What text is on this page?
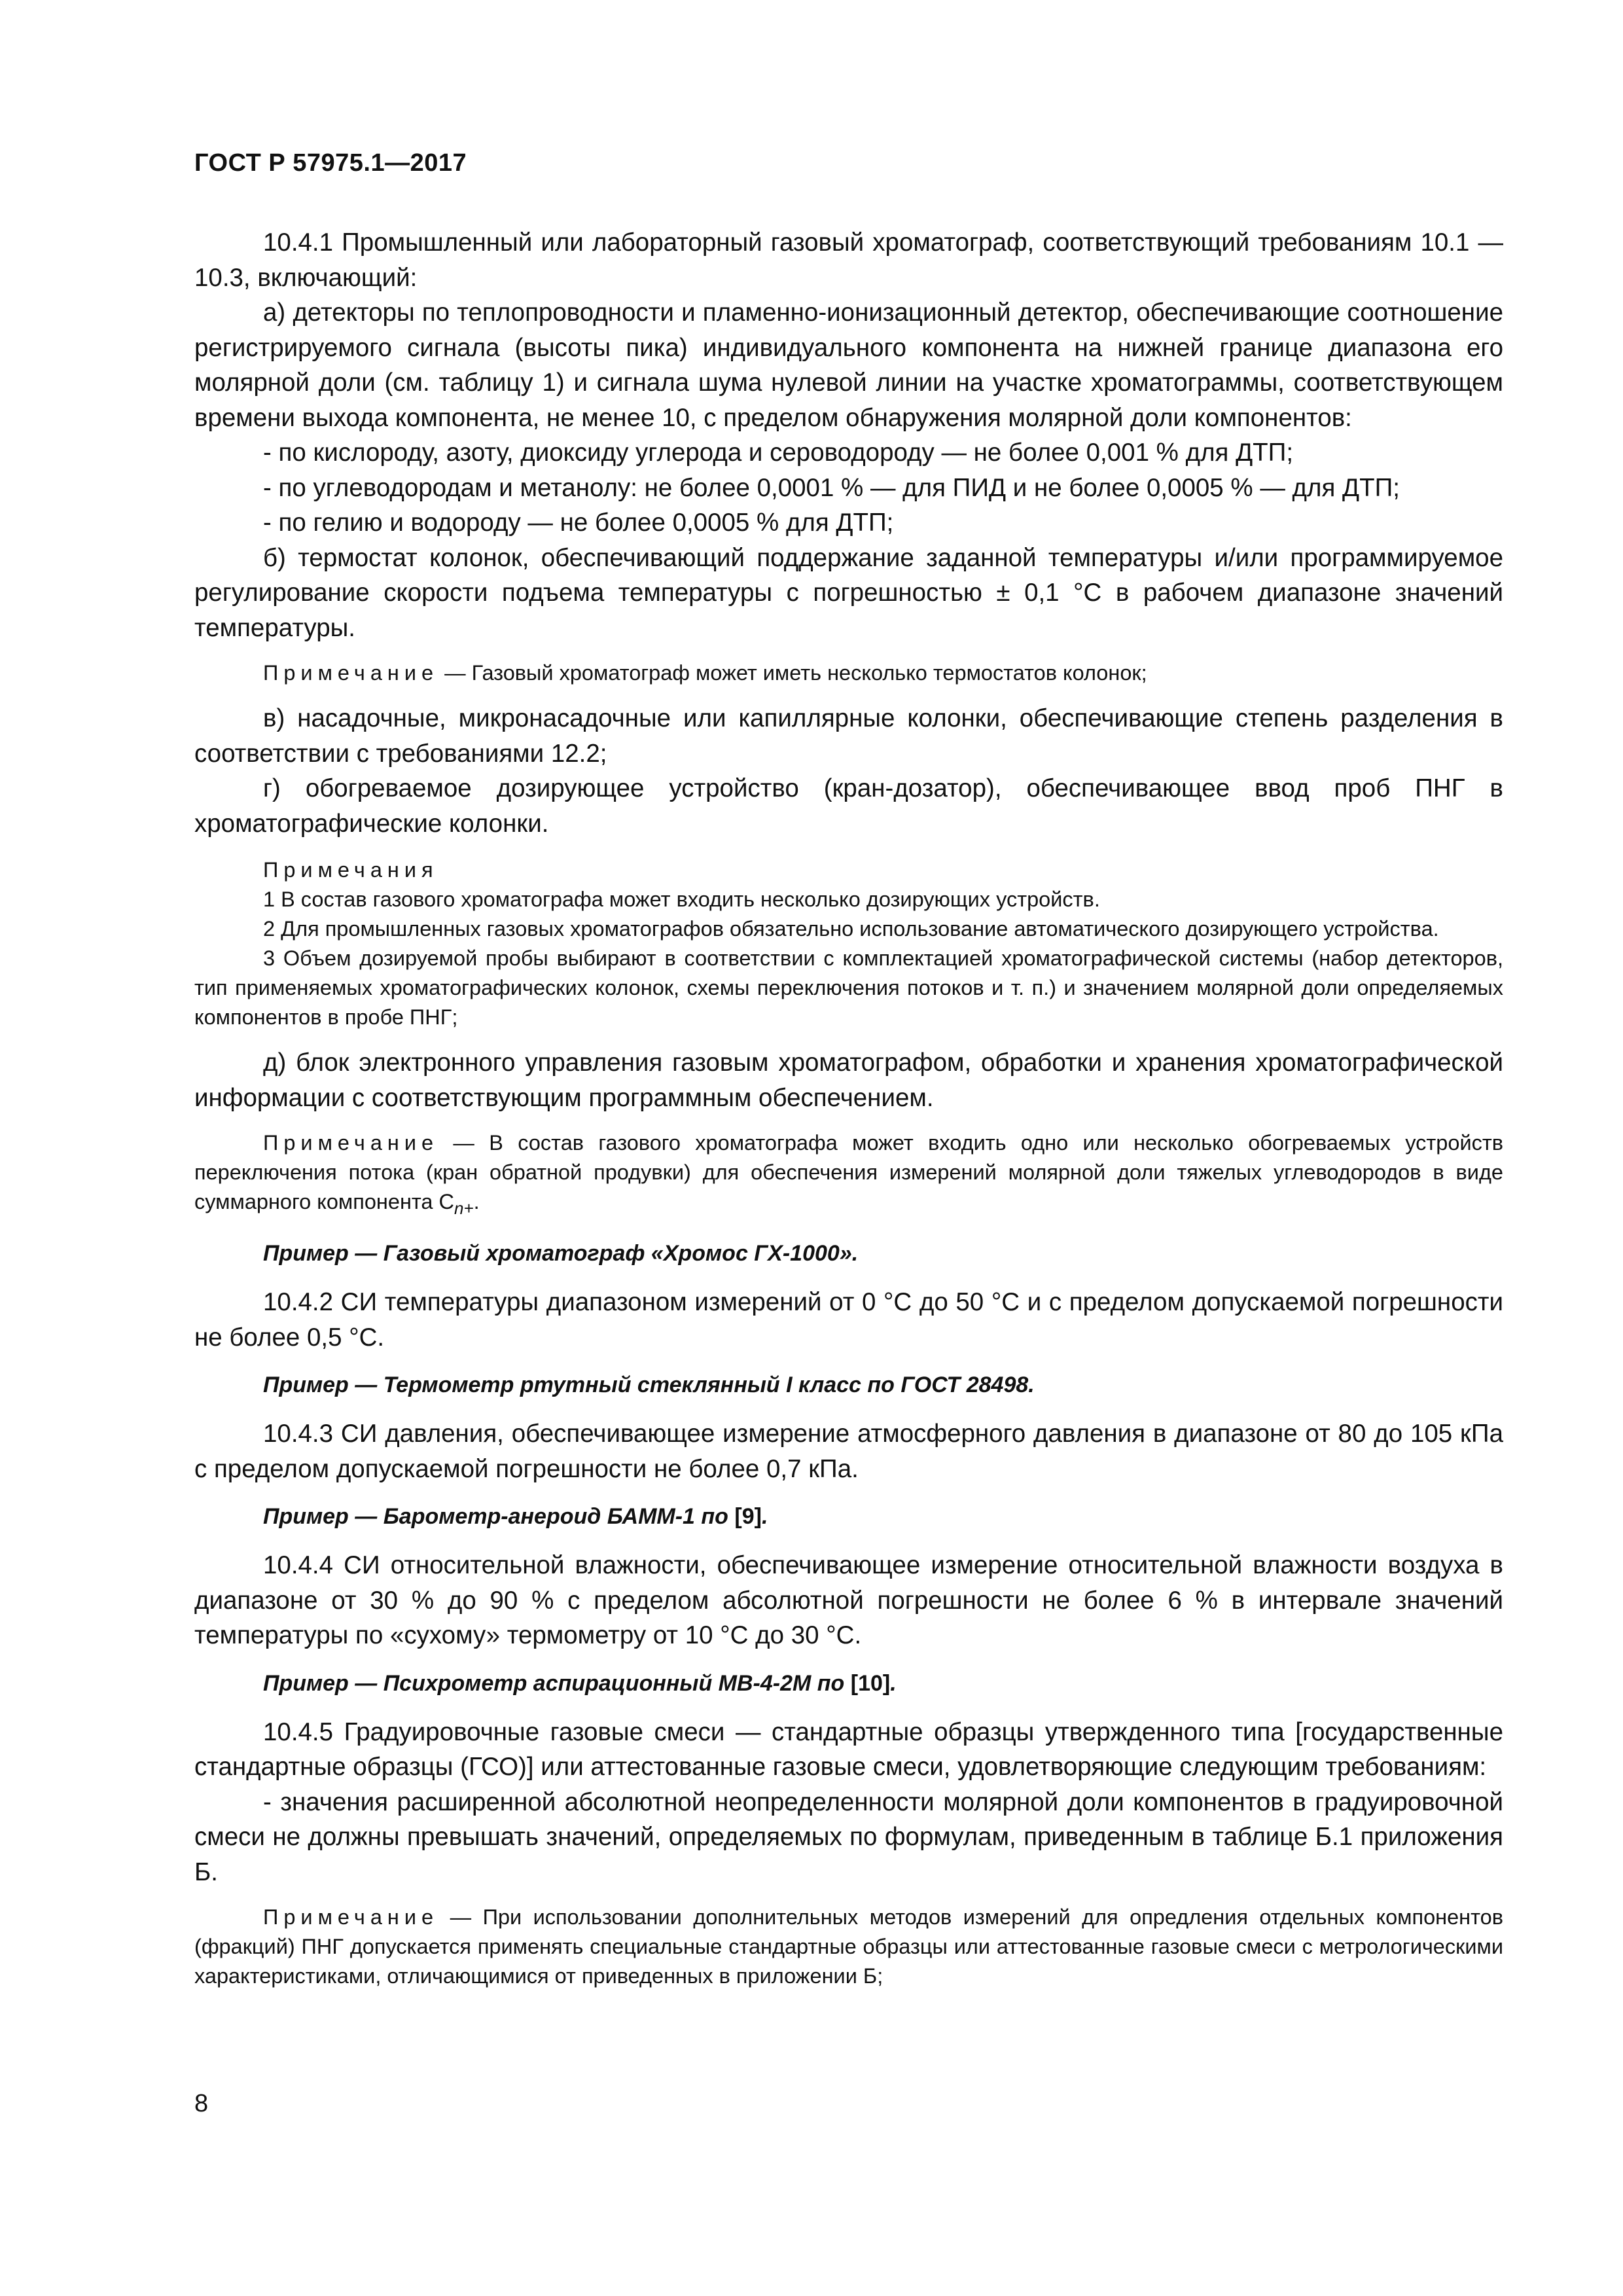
ГОСТ Р 57975.1—2017

10.4.1 Промышленный или лабораторный газовый хроматограф, соответствующий требованиям 10.1 — 10.3, включающий:

а) детекторы по теплопроводности и пламенно-ионизационный детектор, обеспечивающие соотношение регистрируемого сигнала (высоты пика) индивидуального компонента на нижней границе диапазона его молярной доли (см. таблицу 1) и сигнала шума нулевой линии на участке хроматограммы, соответствующем времени выхода компонента, не менее 10, с пределом обнаружения молярной доли компонентов:

- по кислороду, азоту, диоксиду углерода и сероводороду — не более 0,001 % для ДТП;

- по углеводородам и метанолу: не более 0,0001 % — для ПИД и не более 0,0005 % — для ДТП;

- по гелию и водороду — не более 0,0005 % для ДТП;

б) термостат колонок, обеспечивающий поддержание заданной температуры и/или программируемое регулирование скорости подъема температуры с погрешностью ± 0,1 °С в рабочем диапазоне значений температуры.

Примечание — Газовый хроматограф может иметь несколько термостатов колонок;

в) насадочные, микронасадочные или капиллярные колонки, обеспечивающие степень разделения в соответствии с требованиями 12.2;

г) обогреваемое дозирующее устройство (кран-дозатор), обеспечивающее ввод проб ПНГ в хроматографические колонки.

Примечания

1 В состав газового хроматографа может входить несколько дозирующих устройств.

2 Для промышленных газовых хроматографов обязательно использование автоматического дозирующего устройства.

3 Объем дозируемой пробы выбирают в соответствии с комплектацией хроматографической системы (набор детекторов, тип применяемых хроматографических колонок, схемы переключения потоков и т. п.) и значением молярной доли определяемых компонентов в пробе ПНГ;

д) блок электронного управления газовым хроматографом, обработки и хранения хроматографической информации с соответствующим программным обеспечением.

Примечание — В состав газового хроматографа может входить одно или несколько обогреваемых устройств переключения потока (кран обратной продувки) для обеспечения измерений молярной доли тяжелых углеводородов в виде суммарного компонента $С_{n+}$.

Пример — Газовый хроматограф «Хромос ГХ-1000».

10.4.2 СИ температуры диапазоном измерений от 0 °С до 50 °С и с пределом допускаемой погрешности не более 0,5 °С.

Пример — Термометр ртутный стеклянный I класс по ГОСТ 28498.

10.4.3 СИ давления, обеспечивающее измерение атмосферного давления в диапазоне от 80 до 105 кПа с пределом допускаемой погрешности не более 0,7 кПа.

Пример — Барометр-анероид БАММ-1 по [9].

10.4.4 СИ относительной влажности, обеспечивающее измерение относительной влажности воздуха в диапазоне от 30 % до 90 % с пределом абсолютной погрешности не более 6 % в интервале значений температуры по «сухому» термометру от 10 °С до 30 °С.

Пример — Психрометр аспирационный МВ-4-2М по [10].

10.4.5 Градуировочные газовые смеси — стандартные образцы утвержденного типа [государственные стандартные образцы (ГСО)] или аттестованные газовые смеси, удовлетворяющие следующим требованиям:

- значения расширенной абсолютной неопределенности молярной доли компонентов в градуировочной смеси не должны превышать значений, определяемых по формулам, приведенным в таблице Б.1 приложения Б.

Примечание — При использовании дополнительных методов измерений для опредления отдельных компонентов (фракций) ПНГ допускается применять специальные стандартные образцы или аттестованные газовые смеси с метрологическими характеристиками, отличающимися от приведенных в приложении Б;

8
